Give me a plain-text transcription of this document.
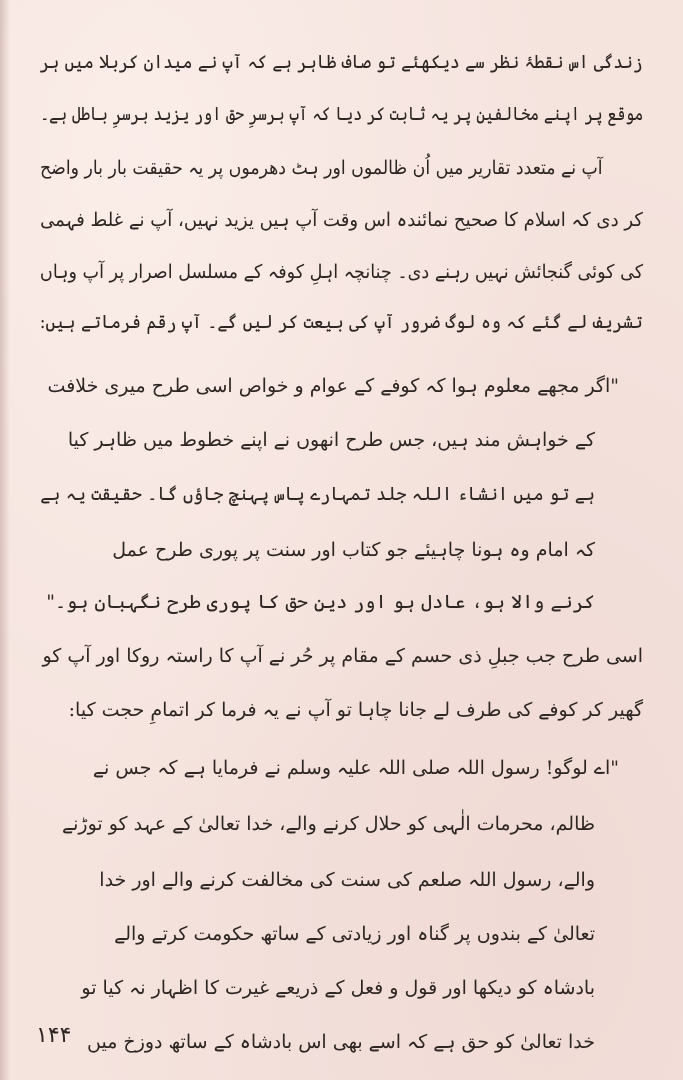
زندگی اس نقطۂ نظر سے دیکھئے تو صاف ظاہر ہے کہ آپ نے میدان کربلا میں ہر
موقع پر اپنے مخالفین پر یہ ثابت کر دیا کہ آپ برسرِ حق اور یزید برسرِ باطل ہے۔
آپ نے متعدد تقاریر میں اُن ظالموں اور ہٹ دھرموں پر یہ حقیقت بار بار واضح
کر دی کہ اسلام کا صحیح نمائندہ اس وقت آپ ہیں یزید نہیں، آپ نے غلط فہمی
کی کوئی گنجائش نہیں رہنے دی۔ چنانچہ اہلِ کوفہ کے مسلسل اصرار پر آپ وہاں
تشریف لے گئے کہ وہ لوگ ضرور آپ کی بیعت کر لیں گے۔ آپ رقم فرماتے ہیں:
"اگر مجھے معلوم ہوا کہ کوفے کے عوام و خواص اسی طرح میری خلافت
کے خواہش مند ہیں، جس طرح انھوں نے اپنے خطوط میں ظاہر کیا
ہے تو میں انشاء اللہ جلد تمہارے پاس پہنچ جاؤں گا۔ حقیقت یہ ہے
کہ امام وہ ہونا چاہیئے جو کتاب اور سنت پر پوری طرح عمل
کرنے والا ہو، عادل ہو اور دینِ حق کا پوری طرح نگہبان ہو۔"
اسی طرح جب جبلِ ذی حسم کے مقام پر حُر نے آپ کا راستہ روکا اور آپ کو
گھیر کر کوفے کی طرف لے جانا چاہا تو آپ نے یہ فرما کر اتمامِ حجت کیا:
"اے لوگو! رسول اللہ صلی اللہ علیہ وسلم نے فرمایا ہے کہ جس نے
ظالم، محرمات الٰہی کو حلال کرنے والے، خدا تعالیٰ کے عہد کو توڑنے
والے، رسول اللہ صلعم کی سنت کی مخالفت کرنے والے اور خدا
تعالیٰ کے بندوں پر گناہ اور زیادتی کے ساتھ حکومت کرتے والے
بادشاہ کو دیکھا اور قول و فعل کے ذریعے غیرت کا اظہار نہ کیا تو
خدا تعالیٰ کو حق ہے کہ اسے بھی اس بادشاہ کے ساتھ دوزخ میں
۱۴۴
